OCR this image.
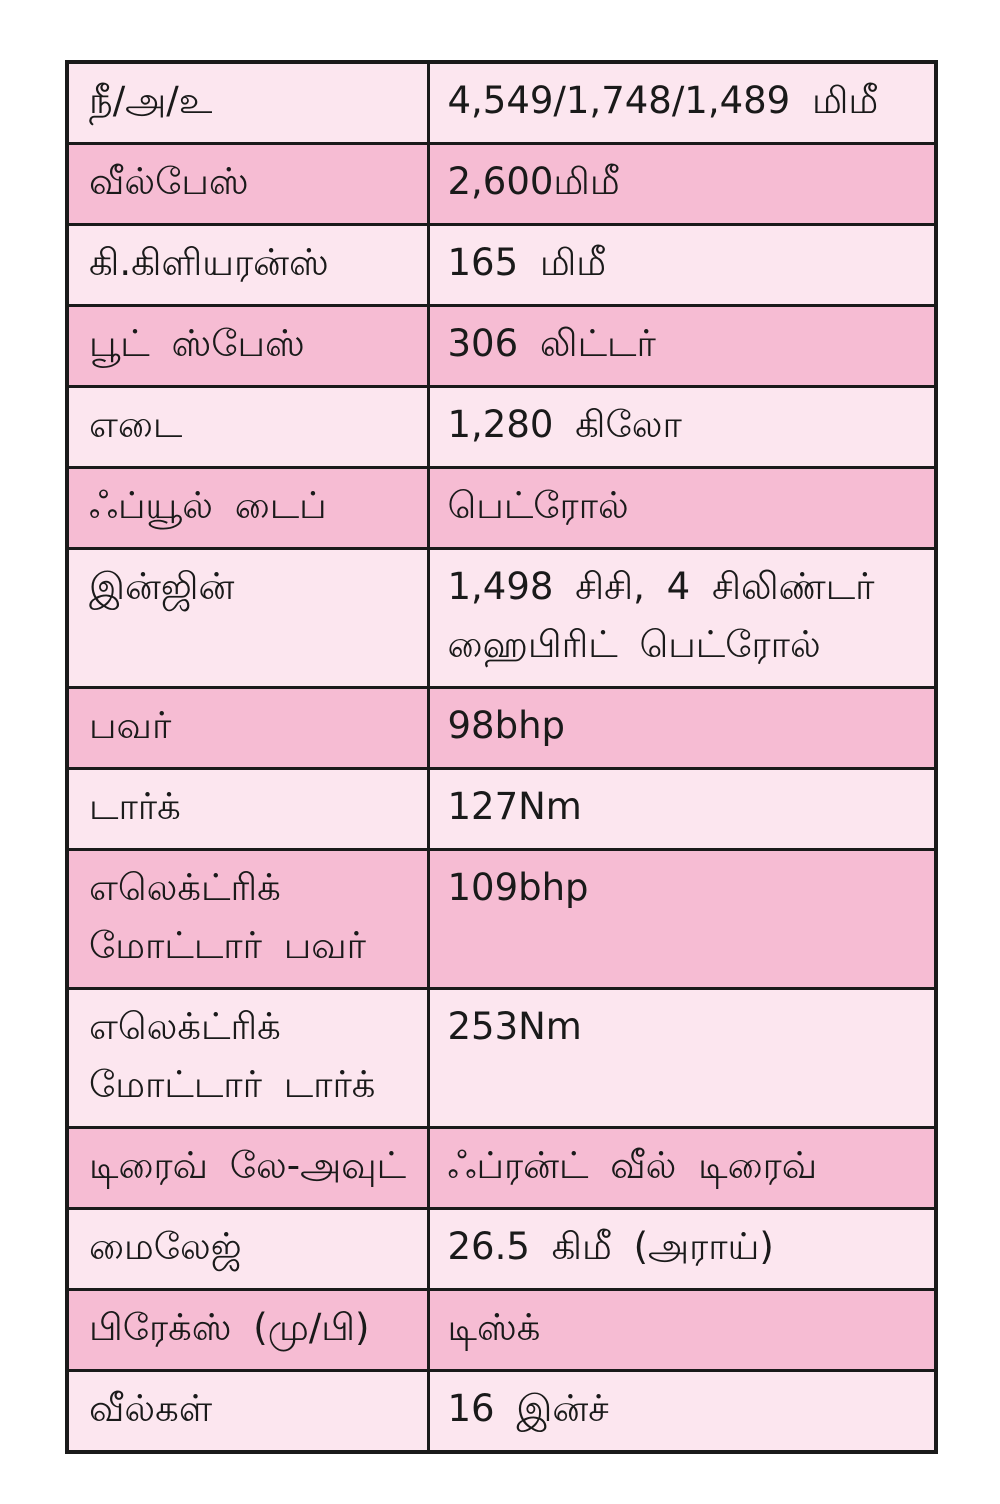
நீ/அ/உ	4,549/1,748/1,489 மிமீ

வீல்பேஸ்	2,600மிமீ

கி.கிளியரன்ஸ்	165 மிமீ

பூட் ஸ்பேஸ்	306 லிட்டர்

எடை	1,280 கிலோ

ஃப்யூல் டைப்	பெட்ரோல்

இன்ஜின்	1,498 சிசி, 4 சிலிண்டர்
ஹைபிரிட் பெட்ரோல்

பவர்	98bhp

டார்க்	127Nm

எலெக்ட்ரிக்
மோட்டார் பவர்	109bhp

எலெக்ட்ரிக்
மோட்டார் டார்க்	253Nm

டிரைவ் லே-அவுட்	ஃப்ரன்ட் வீல் டிரைவ்

மைலேஜ்	26.5 கிமீ (அராய்)

பிரேக்ஸ் (மு/பி)	டிஸ்க்

வீல்கள்	16 இன்ச்
